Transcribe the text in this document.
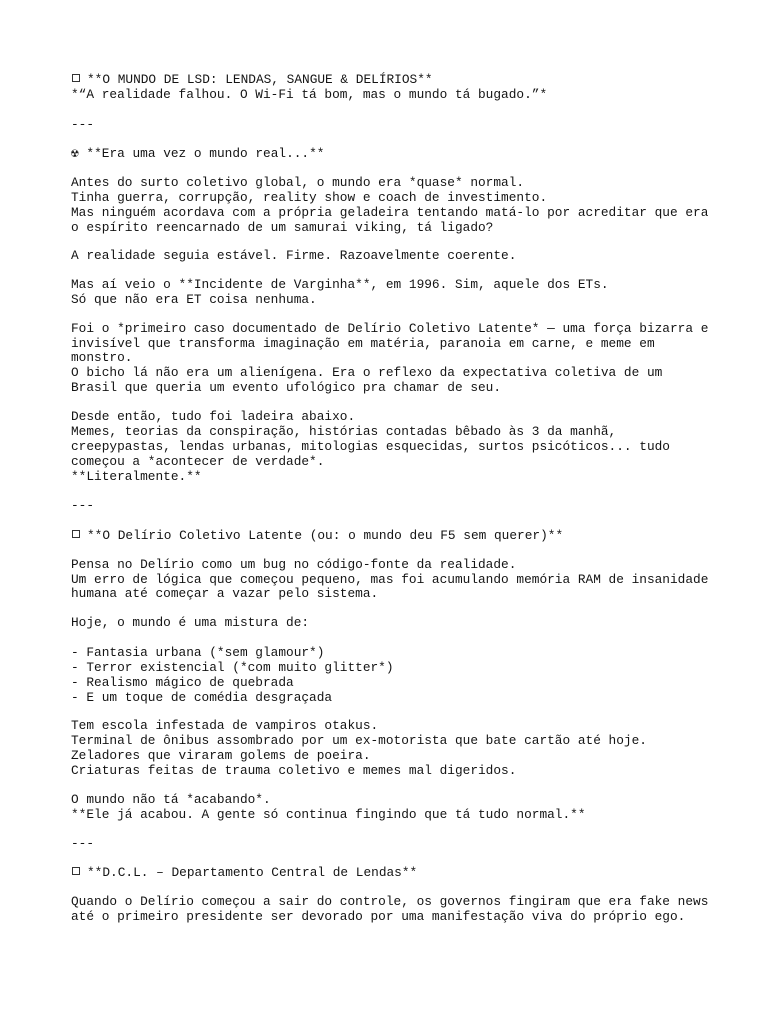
**O MUNDO DE LSD: LENDAS, SANGUE & DELÍRIOS**
*“A realidade falhou. O Wi-Fi tá bom, mas o mundo tá bugado.”*
---
☢ **Era uma vez o mundo real...**
Antes do surto coletivo global, o mundo era *quase* normal.
Tinha guerra, corrupção, reality show e coach de investimento.
Mas ninguém acordava com a própria geladeira tentando matá-lo por acreditar que era
o espírito reencarnado de um samurai viking, tá ligado?
A realidade seguia estável. Firme. Razoavelmente coerente.
Mas aí veio o **Incidente de Varginha**, em 1996. Sim, aquele dos ETs.
Só que não era ET coisa nenhuma.
Foi o *primeiro caso documentado de Delírio Coletivo Latente* — uma força bizarra e
invisível que transforma imaginação em matéria, paranoia em carne, e meme em
monstro.
O bicho lá não era um alienígena. Era o reflexo da expectativa coletiva de um
Brasil que queria um evento ufológico pra chamar de seu.
Desde então, tudo foi ladeira abaixo.
Memes, teorias da conspiração, histórias contadas bêbado às 3 da manhã,
creepypastas, lendas urbanas, mitologias esquecidas, surtos psicóticos... tudo
começou a *acontecer de verdade*.
**Literalmente.**
---
**O Delírio Coletivo Latente (ou: o mundo deu F5 sem querer)**
Pensa no Delírio como um bug no código-fonte da realidade.
Um erro de lógica que começou pequeno, mas foi acumulando memória RAM de insanidade
humana até começar a vazar pelo sistema.
Hoje, o mundo é uma mistura de:
- Fantasia urbana (*sem glamour*)
- Terror existencial (*com muito glitter*)
- Realismo mágico de quebrada
- E um toque de comédia desgraçada
Tem escola infestada de vampiros otakus.
Terminal de ônibus assombrado por um ex-motorista que bate cartão até hoje.
Zeladores que viraram golems de poeira.
Criaturas feitas de trauma coletivo e memes mal digeridos.
O mundo não tá *acabando*.
**Ele já acabou. A gente só continua fingindo que tá tudo normal.**
---
**D.C.L. – Departamento Central de Lendas**
Quando o Delírio começou a sair do controle, os governos fingiram que era fake news
até o primeiro presidente ser devorado por uma manifestação viva do próprio ego.
